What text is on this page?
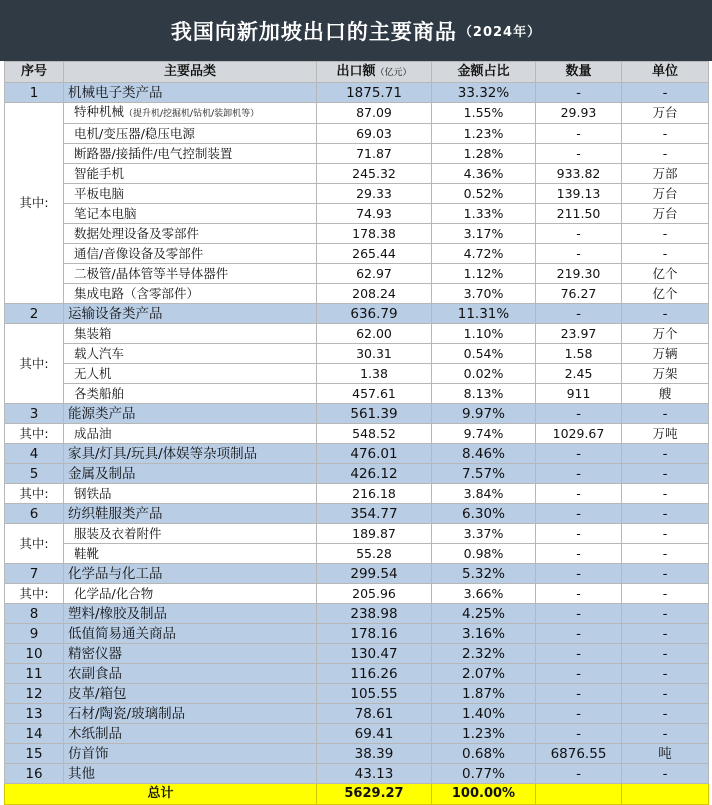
我国向新加坡出口的主要商品 （2024年）
序号	主要品类	出口额（亿元）	金额占比	数量	单位
1	机械电子类产品	1875.71	33.32%	-	-
其中:	特种机械（提升机/挖掘机/钻机/装卸机等）	87.09	1.55%	29.93	万台
	电机/变压器/稳压电源	69.03	1.23%	-	-
	断路器/接插件/电气控制装置	71.87	1.28%	-	-
	智能手机	245.32	4.36%	933.82	万部
	平板电脑	29.33	0.52%	139.13	万台
	笔记本电脑	74.93	1.33%	211.50	万台
	数据处理设备及零部件	178.38	3.17%	-	-
	通信/音像设备及零部件	265.44	4.72%	-	-
	二极管/晶体管等半导体器件	62.97	1.12%	219.30	亿个
	集成电路（含零部件）	208.24	3.70%	76.27	亿个
2	运输设备类产品	636.79	11.31%	-	-
其中:	集装箱	62.00	1.10%	23.97	万个
	载人汽车	30.31	0.54%	1.58	万辆
	无人机	1.38	0.02%	2.45	万架
	各类船舶	457.61	8.13%	911	艘
3	能源类产品	561.39	9.97%	-	-
其中:	成品油	548.52	9.74%	1029.67	万吨
4	家具/灯具/玩具/体娱等杂项制品	476.01	8.46%	-	-
5	金属及制品	426.12	7.57%	-	-
其中:	钢铁品	216.18	3.84%	-	-
6	纺织鞋服类产品	354.77	6.30%	-	-
其中:	服装及衣着附件	189.87	3.37%	-	-
	鞋靴	55.28	0.98%	-	-
7	化学品与化工品	299.54	5.32%	-	-
其中:	化学品/化合物	205.96	3.66%	-	-
8	塑料/橡胶及制品	238.98	4.25%	-	-
9	低值简易通关商品	178.16	3.16%	-	-
10	精密仪器	130.47	2.32%	-	-
11	农副食品	116.26	2.07%	-	-
12	皮革/箱包	105.55	1.87%	-	-
13	石材/陶瓷/玻璃制品	78.61	1.40%	-	-
14	木纸制品	69.41	1.23%	-	-
15	仿首饰	38.39	0.68%	6876.55	吨
16	其他	43.13	0.77%	-	-
总计		5629.27	100.00%		
